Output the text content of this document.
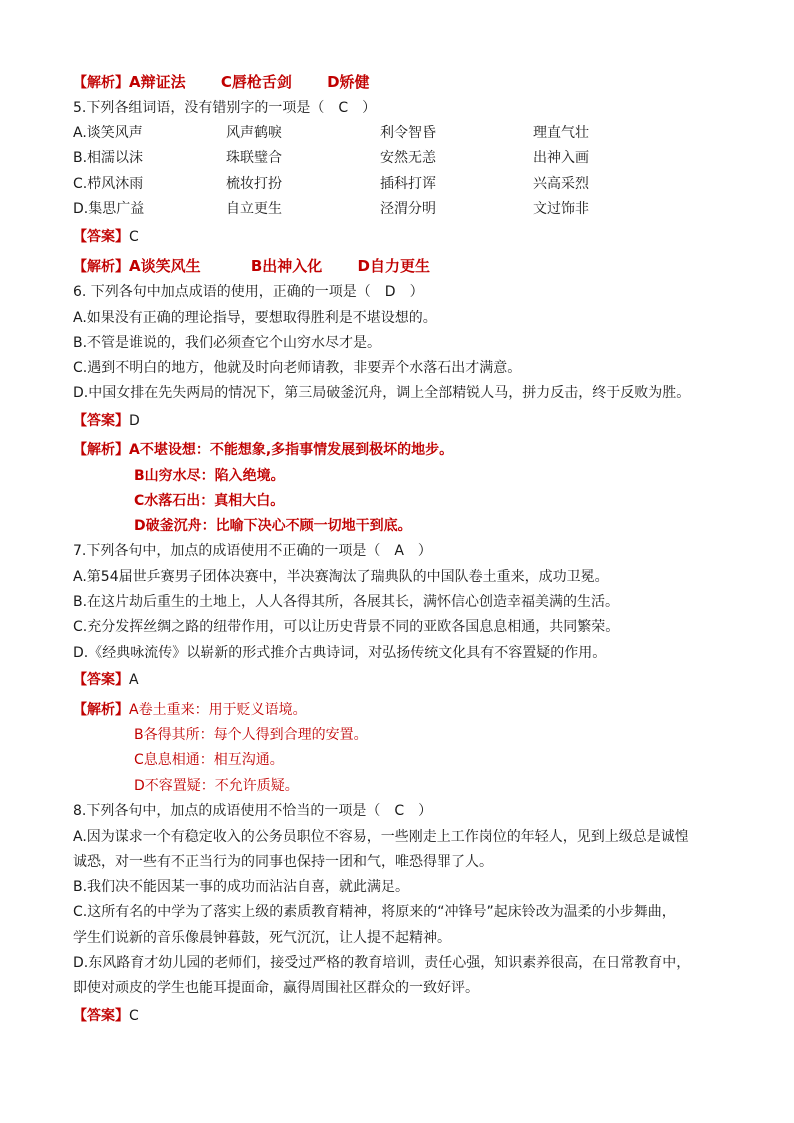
【解析】A辩证法　　 C唇枪舌剑　　 D矫健
5.下列各组词语，没有错别字的一项是（　C　）
A.谈笑风声	风声鹤唳	利令智昏	理直气壮
B.相濡以沫	珠联璧合	安然无恙	出神入画
C.栉风沐雨	梳妆打扮	插科打诨	兴高采烈
D.集思广益	自立更生	泾渭分明	文过饰非
【答案】C
【解析】A谈笑风生　　　 B出神入化　　 D自力更生
6. 下列各句中加点成语的使用，正确的一项是（　D　）
A.如果没有正确的理论指导，要想取得胜利是不堪设想的。
B.不管是谁说的，我们必须查它个山穷水尽才是。
C.遇到不明白的地方，他就及时向老师请教，非要弄个水落石出才满意。
D.中国女排在先失两局的情况下，第三局破釜沉舟，调上全部精锐人马，拼力反击，终于反败为胜。
【答案】D
【解析】A不堪设想：不能想象,多指事情发展到极坏的地步。
B山穷水尽：陷入绝境。
C水落石出：真相大白。
D破釜沉舟：比喻下决心不顾一切地干到底。
7.下列各句中，加点的成语使用不正确的一项是（　A　）
A.第54届世乒赛男子团体决赛中，半决赛淘汰了瑞典队的中国队卷土重来，成功卫冕。
B.在这片劫后重生的土地上，人人各得其所，各展其长，满怀信心创造幸福美满的生活。
C.充分发挥丝绸之路的纽带作用，可以让历史背景不同的亚欧各国息息相通，共同繁荣。
D.《经典咏流传》以崭新的形式推介古典诗词，对弘扬传统文化具有不容置疑的作用。
【答案】A
【解析】A卷土重来：用于贬义语境。
B各得其所：每个人得到合理的安置。
C息息相通：相互沟通。
D不容置疑：不允许质疑。
8.下列各句中，加点的成语使用不恰当的一项是（　C　）
A.因为谋求一个有稳定收入的公务员职位不容易，一些刚走上工作岗位的年轻人，见到上级总是诚惶
诚恐，对一些有不正当行为的同事也保持一团和气，唯恐得罪了人。
B.我们决不能因某一事的成功而沾沾自喜，就此满足。
C.这所有名的中学为了落实上级的素质教育精神，将原来的“冲锋号”起床铃改为温柔的小步舞曲，
学生们说新的音乐像晨钟暮鼓，死气沉沉，让人提不起精神。
D.东风路育才幼儿园的老师们，接受过严格的教育培训，责任心强，知识素养很高，在日常教育中，
即使对顽皮的学生也能耳提面命，赢得周围社区群众的一致好评。
【答案】C
